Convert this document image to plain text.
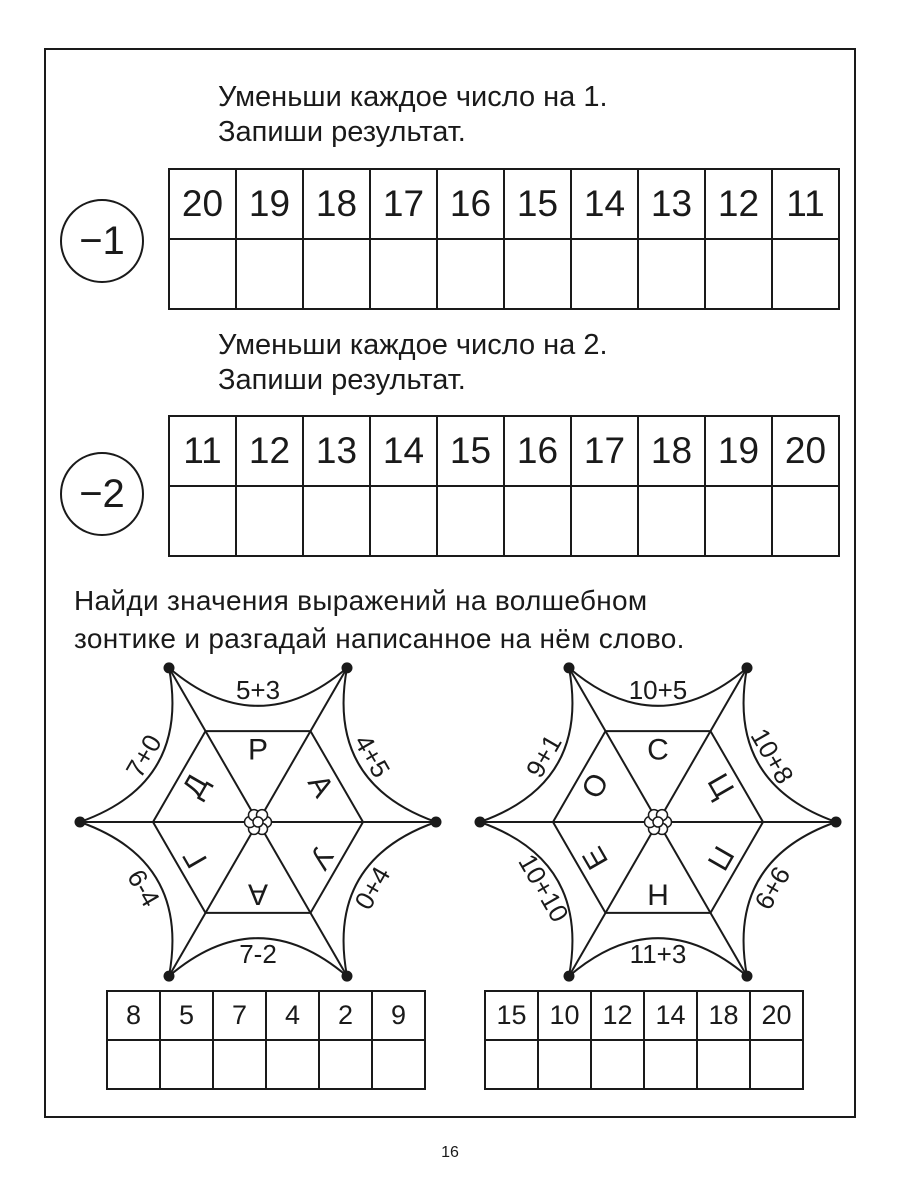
Уменьши каждое число на 1.
Запиши результат.
−1
20	19	18	17	16	15	14	13	12	11

Уменьши каждое число на 2.
Запиши результат.
−2
11	12	13	14	15	16	17	18	19	20

Найди значения выражений на волшебном
зонтике и разгадай написанное на нём слово.
Р
А
У
А
Г
Д
5+3
4+5
0+4
7-2
6-4
7+0	С
Ц
П
Н
Е
О
10+5
10+8
6+6
11+3
10+10
9+1
8	5	7	4	2	9
						15	10	12	14	18	20

16
